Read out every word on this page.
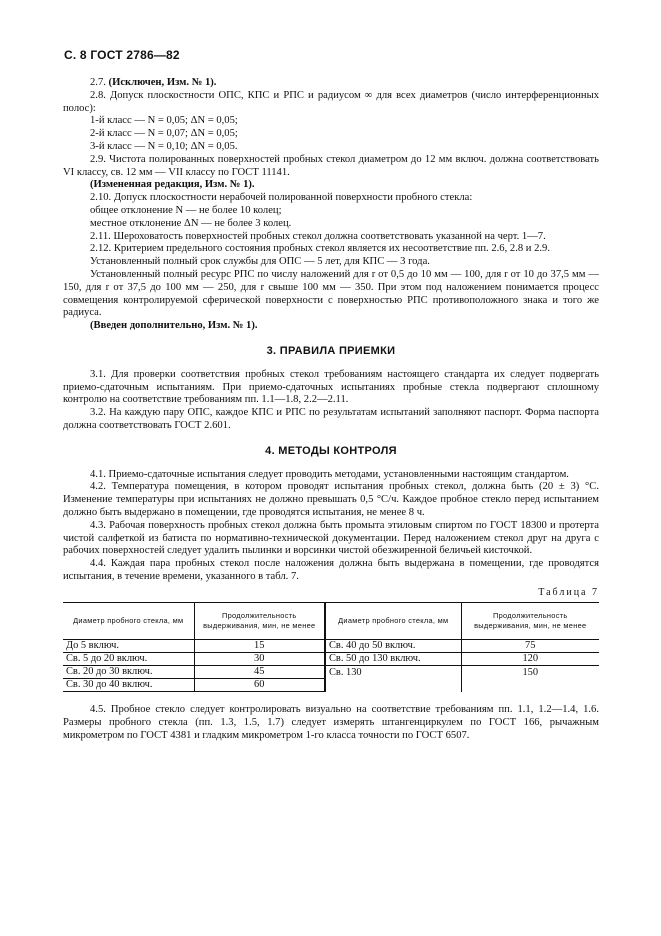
С. 8 ГОСТ 2786—82

2.7. (Исключен, Изм. № 1).

2.8. Допуск плоскостности ОПС, КПС и РПС и радиусом ∞ для всех диаметров (число интерференционных полос):

1-й класс — N = 0,05; ΔN = 0,05;

2-й класс — N = 0,07; ΔN = 0,05;

3-й класс — N = 0,10; ΔN = 0,05.

2.9. Чистота полированных поверхностей пробных стекол диаметром до 12 мм включ. должна соответствовать VI классу, св. 12 мм — VII классу по ГОСТ 11141.

(Измененная редакция, Изм. № 1).

2.10. Допуск плоскостности нерабочей полированной поверхности пробного стекла:

общее отклонение N — не более 10 колец;

местное отклонение ΔN — не более 3 колец.

2.11. Шероховатость поверхностей пробных стекол должна соответствовать указанной на черт. 1—7.

2.12. Критерием предельного состояния пробных стекол является их несоответствие пп. 2.6, 2.8 и 2.9.

Установленный полный срок службы для ОПС — 5 лет, для КПС — 3 года.

Установленный полный ресурс РПС по числу наложений для r от 0,5 до 10 мм — 100, для r от 10 до 37,5 мм — 150, для r от 37,5 до 100 мм — 250, для r свыше 100 мм — 350. При этом под наложением понимается процесс совмещения контролируемой сферической поверхности с поверхностью РПС противоположного знака и того же радиуса.

(Введен дополнительно, Изм. № 1).

3. ПРАВИЛА ПРИЕМКИ

3.1. Для проверки соответствия пробных стекол требованиям настоящего стандарта их следует подвергать приемо-сдаточным испытаниям. При приемо-сдаточных испытаниях пробные стекла подвергают сплошному контролю на соответствие требованиям пп. 1.1—1.8, 2.2—2.11.

3.2. На каждую пару ОПС, каждое КПС и РПС по результатам испытаний заполняют паспорт. Форма паспорта должна соответствовать ГОСТ 2.601.

4. МЕТОДЫ КОНТРОЛЯ

4.1. Приемо-сдаточные испытания следует проводить методами, установленными настоящим стандартом.

4.2. Температура помещения, в котором проводят испытания пробных стекол, должна быть (20 ± 3) °С. Изменение температуры при испытаниях не должно превышать 0,5 °С/ч. Каждое пробное стекло перед испытанием должно быть выдержано в помещении, где проводятся испытания, не менее 8 ч.

4.3. Рабочая поверхность пробных стекол должна быть промыта этиловым спиртом по ГОСТ 18300 и протерта чистой салфеткой из батиста по нормативно-технической документации. Перед наложением стекол друг на друга с рабочих поверхностей следует удалить пылинки и ворсинки чистой обезжиренной беличьей кисточкой.

4.4. Каждая пара пробных стекол после наложения должна быть выдержана в помещении, где проводятся испытания, в течение времени, указанного в табл. 7.

Таблица 7
Диаметр пробного стекла, мм	Продолжительность выдерживания, мин, не менее	Диаметр пробного стекла, мм	Продолжительность выдерживания, мин, не менее
До 5 включ.	15	Св. 40 до 50 включ.	75
Св. 5 до 20 включ.	30	Св. 50 до 130 включ.	120
Св. 20 до 30 включ.	45	Св. 130	150
Св. 30 до 40 включ.	60		

4.5. Пробное стекло следует контролировать визуально на соответствие требованиям пп. 1.1, 1.2—1.4, 1.6. Размеры пробного стекла (пп. 1.3, 1.5, 1.7) следует измерять штангенциркулем по ГОСТ 166, рычажным микрометром по ГОСТ 4381 и гладким микрометром 1-го класса точности по ГОСТ 6507.
